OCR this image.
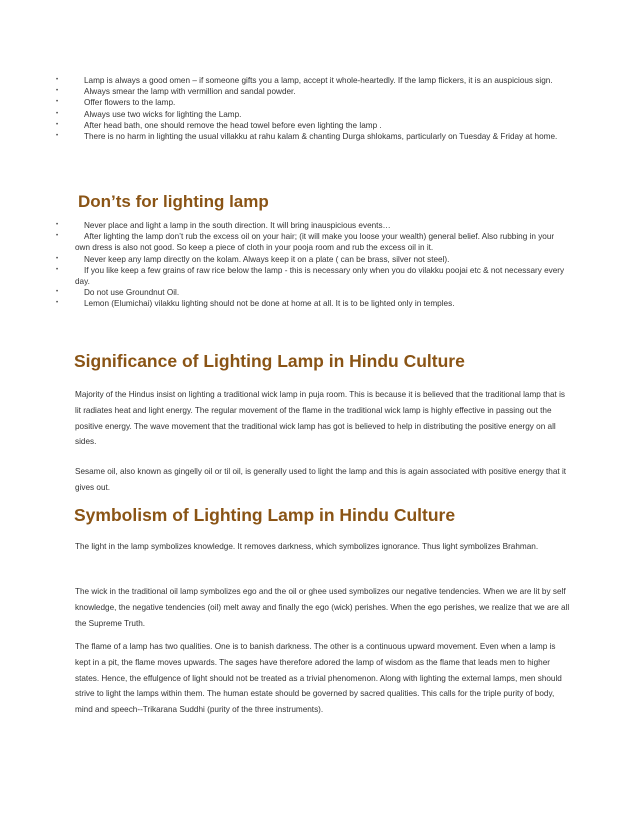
•	Lamp is always a good omen – if someone gifts you a lamp, accept it whole-heartedly. If the lamp flickers, it is an auspicious sign.
•	Always smear the lamp with vermillion and sandal powder.
•	Offer flowers to the lamp.
•	Always use two wicks for lighting the Lamp.
•	After head bath, one should remove the head towel before even lighting the lamp .
•	There is no harm in lighting the usual villakku at rahu kalam & chanting Durga shlokams, particularly on Tuesday & Friday at home.
Don’ts for lighting lamp
•	Never place and light a lamp in the south direction. It will bring inauspicious events…
•	After lighting the lamp don’t rub the excess oil on your hair; (it will make you loose your wealth) general belief. Also rubbing in your own dress is also not good. So keep a piece of cloth in your pooja room and rub the excess oil in it.
•	Never keep any lamp directly on the kolam. Always keep it on a plate ( can be brass, silver not steel).
•	If you like keep a few grains of raw rice below the lamp - this is necessary only when you do vilakku poojai etc & not necessary every day.
•	Do not use Groundnut Oil.
•	Lemon (Elumichai) vilakku lighting should not be done at home at all. It is to be lighted only in temples.
Significance of Lighting Lamp in Hindu Culture

Majority of the Hindus insist on lighting a traditional wick lamp in puja room. This is because it is believed that the traditional lamp that is lit radiates heat and light energy. The regular movement of the flame in the traditional wick lamp is highly effective in passing out the positive energy. The wave movement that the traditional wick lamp has got is believed to help in distributing the positive energy on all sides.

Sesame oil, also known as gingelly oil or til oil, is generally used to light the lamp and this is again associated with positive energy that it gives out.

Symbolism of Lighting Lamp in Hindu Culture

The light in the lamp symbolizes knowledge. It removes darkness, which symbolizes ignorance. Thus light symbolizes Brahman.

The wick in the traditional oil lamp symbolizes ego and the oil or ghee used symbolizes our negative tendencies. When we are lit by self knowledge, the negative tendencies (oil) melt away and finally the ego (wick) perishes. When the ego perishes, we realize that we are all the Supreme Truth.

The flame of a lamp has two qualities. One is to banish darkness. The other is a continuous upward movement. Even when a lamp is kept in a pit, the flame moves upwards. The sages have therefore adored the lamp of wisdom as the flame that leads men to higher states. Hence, the effulgence of light should not be treated as a trivial phenomenon. Along with lighting the external lamps, men should strive to light the lamps within them. The human estate should be governed by sacred qualities. This calls for the triple purity of body, mind and speech--Trikarana Suddhi (purity of the three instruments).
